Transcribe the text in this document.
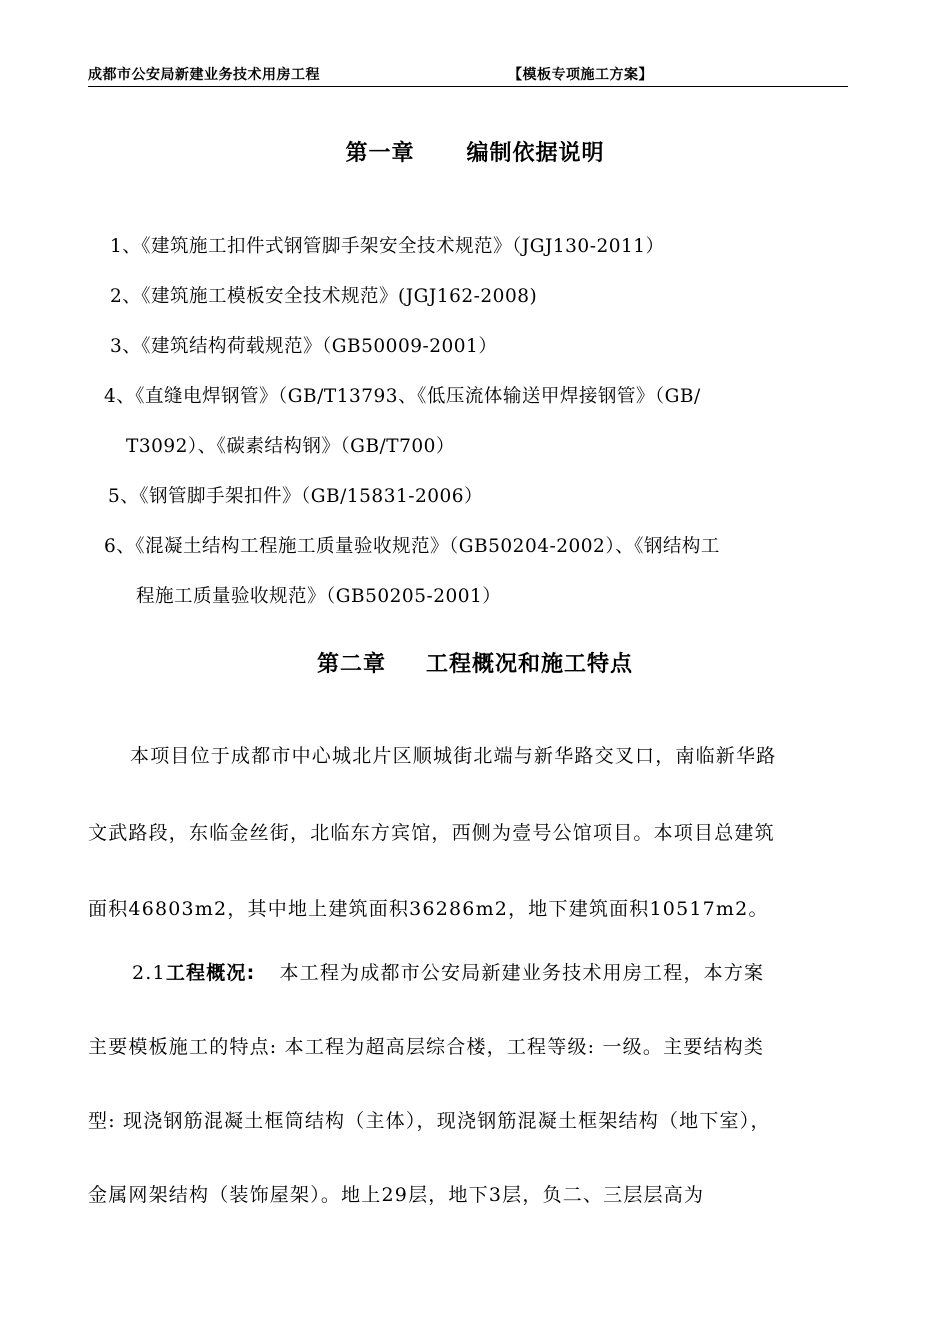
成都市公安局新建业务技术用房工程	【模板专项施工方案】
第一章 编制依据说明
1、《建筑施工扣件式钢管脚手架安全技术规范》（JGJ130-2011）
2、《建筑施工模板安全技术规范》(JGJ162-2008)
3、《建筑结构荷载规范》（GB50009-2001）
4、《直缝电焊钢管》（GB/T13793、《低压流体输送甲焊接钢管》（GB/
T3092）、《碳素结构钢》（GB/T700）
5、《钢管脚手架扣件》（GB/15831-2006）
6、《混凝土结构工程施工质量验收规范》（GB50204-2002）、《钢结构工
程施工质量验收规范》（GB50205-2001）
第二章 工程概况和施工特点
本项目位于成都市中心城北片区顺城街北端与新华路交叉口，南临新华路
文武路段，东临金丝街，北临东方宾馆，西侧为壹号公馆项目。本项目总建筑
面积46803m2，其中地上建筑面积36286m2，地下建筑面积10517m2。
2.1工程概况: 本工程为成都市公安局新建业务技术用房工程，本方案
主要模板施工的特点: 本工程为超高层综合楼，工程等级: 一级。主要结构类
型: 现浇钢筋混凝土框筒结构（主体），现浇钢筋混凝土框架结构（地下室），
金属网架结构（装饰屋架）。地上29层，地下3层，负二、三层层高为
